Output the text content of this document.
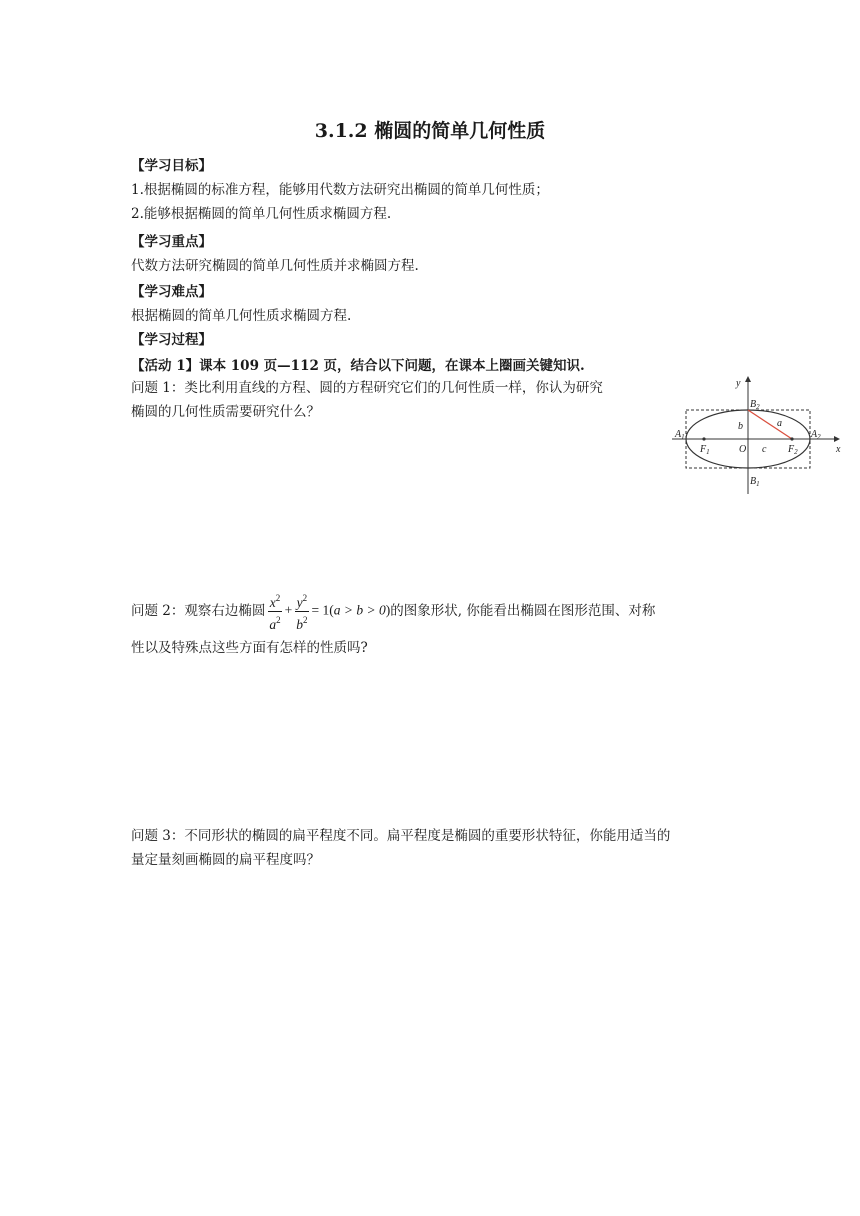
3.1.2 椭圆的简单几何性质
【学习目标】
1.根据椭圆的标准方程，能够用代数方法研究出椭圆的简单几何性质；
2.能够根据椭圆的简单几何性质求椭圆方程.
【学习重点】
代数方法研究椭圆的简单几何性质并求椭圆方程.
【学习难点】
根据椭圆的简单几何性质求椭圆方程.
【学习过程】
【活动 1】课本 109 页—112 页，结合以下问题，在课本上圈画关键知识.
问题 1：类比利用直线的方程、圆的方程研究它们的几何性质一样，你认为研究
椭圆的几何性质需要研究什么？
y
x
$B_2$
$B_1$
$A_1$	$A_2$
$F_1$	$F_2$
O
a
b
c
问题 2：观察右边椭圆 $\frac{x^2}{a^2} + \frac{y^2}{b^2} = 1(a > b > 0)$的图象形状, 你能看出椭圆在图形范围、对称
性以及特殊点这些方面有怎样的性质吗?
问题 3：不同形状的椭圆的扁平程度不同。扁平程度是椭圆的重要形状特征，你能用适当的
量定量刻画椭圆的扁平程度吗？
